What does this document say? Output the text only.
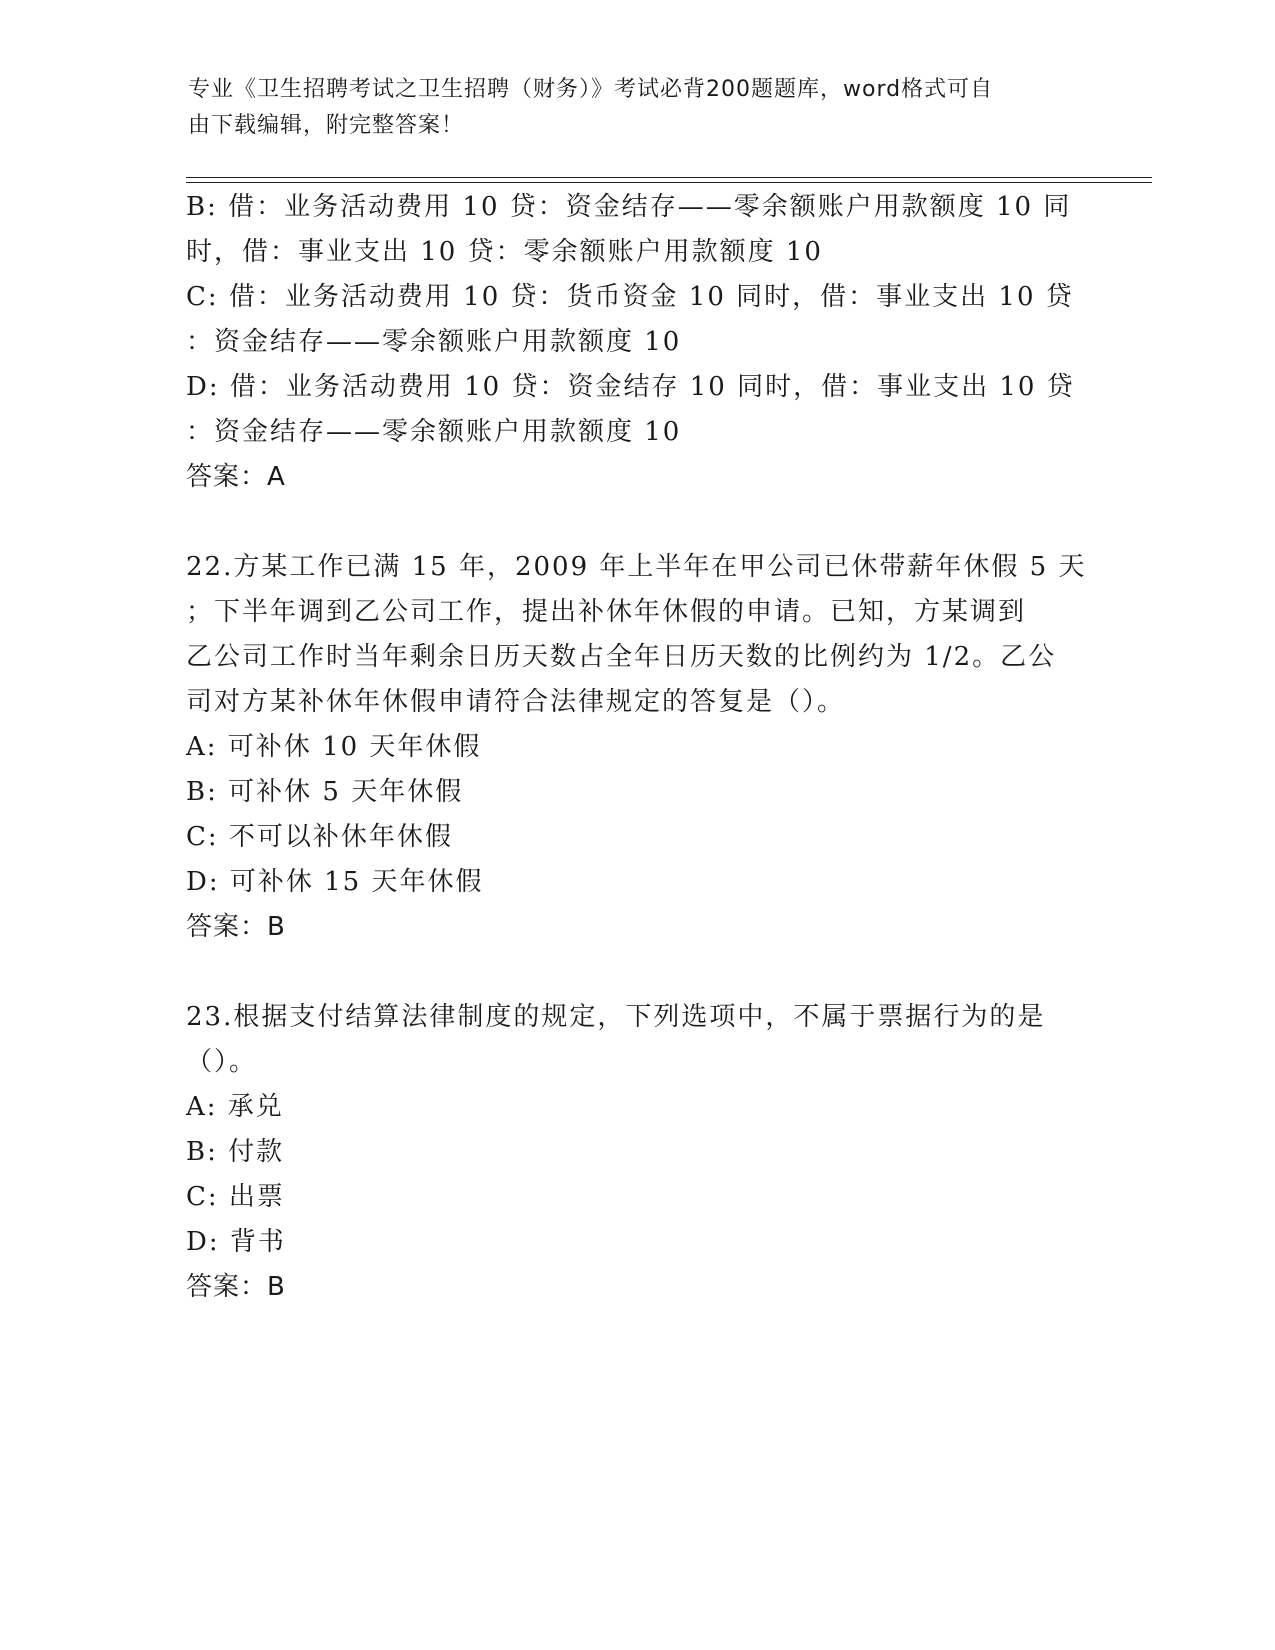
专业《卫生招聘考试之卫生招聘（财务）》考试必背200题题库，word格式可自
由下载编辑，附完整答案！
B: 借：业务活动费用 10 贷：资金结存——零余额账户用款额度 10 同
时，借：事业支出 10 贷：零余额账户用款额度 10
C: 借：业务活动费用 10 贷：货币资金 10 同时，借：事业支出 10 贷
：资金结存——零余额账户用款额度 10
D: 借：业务活动费用 10 贷：资金结存 10 同时，借：事业支出 10 贷
：资金结存——零余额账户用款额度 10
答案：A
22.方某工作已满 15 年，2009 年上半年在甲公司已休带薪年休假 5 天
；下半年调到乙公司工作，提出补休年休假的申请。已知，方某调到
乙公司工作时当年剩余日历天数占全年日历天数的比例约为 1/2。乙公
司对方某补休年休假申请符合法律规定的答复是（）。
A: 可补休 10 天年休假
B: 可补休 5 天年休假
C: 不可以补休年休假
D: 可补休 15 天年休假
答案：B
23.根据支付结算法律制度的规定，下列选项中，不属于票据行为的是
（）。
A: 承兑
B: 付款
C: 出票
D: 背书
答案：B
